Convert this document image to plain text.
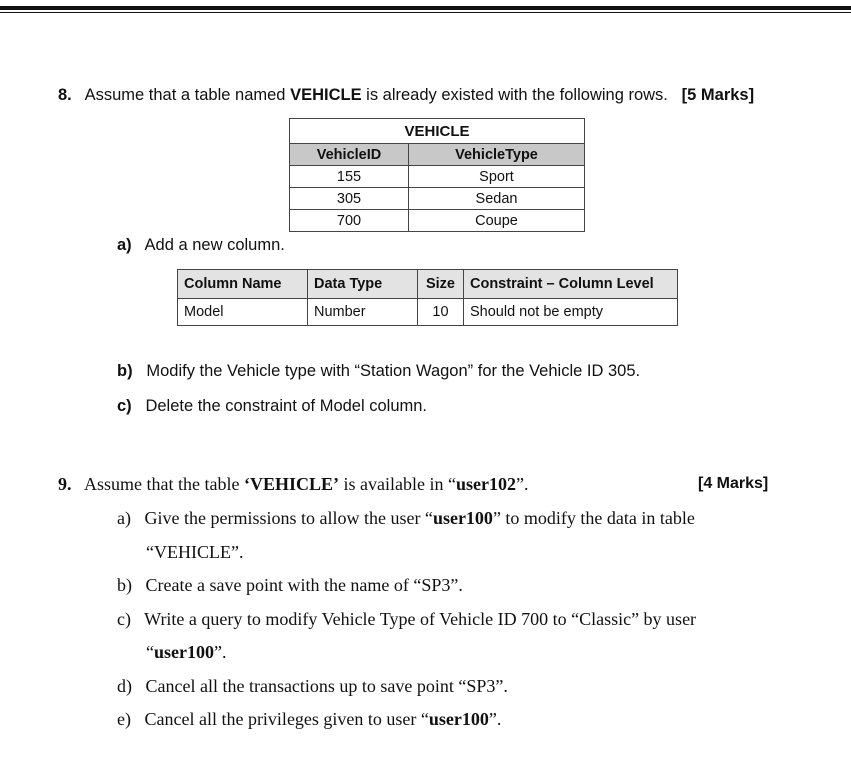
8. Assume that a table named VEHICLE is already existed with the following rows. [5 Marks]
VEHICLE	
VehicleID	VehicleType
155	Sport
305	Sedan
700	Coupe
a) Add a new column.
Column Name	Data Type	Size	Constraint – Column Level
Model	Number	10	Should not be empty
b) Modify the Vehicle type with “Station Wagon” for the Vehicle ID 305.
c) Delete the constraint of Model column.
9. Assume that the table ‘VEHICLE’ is available in “user102”.	[4 Marks]
a) Give the permissions to allow the user “user100” to modify the data in table
“VEHICLE”.
b) Create a save point with the name of “SP3”.
c) Write a query to modify Vehicle Type of Vehicle ID 700 to “Classic” by user
“user100”.
d) Cancel all the transactions up to save point “SP3”.
e) Cancel all the privileges given to user “user100”.
